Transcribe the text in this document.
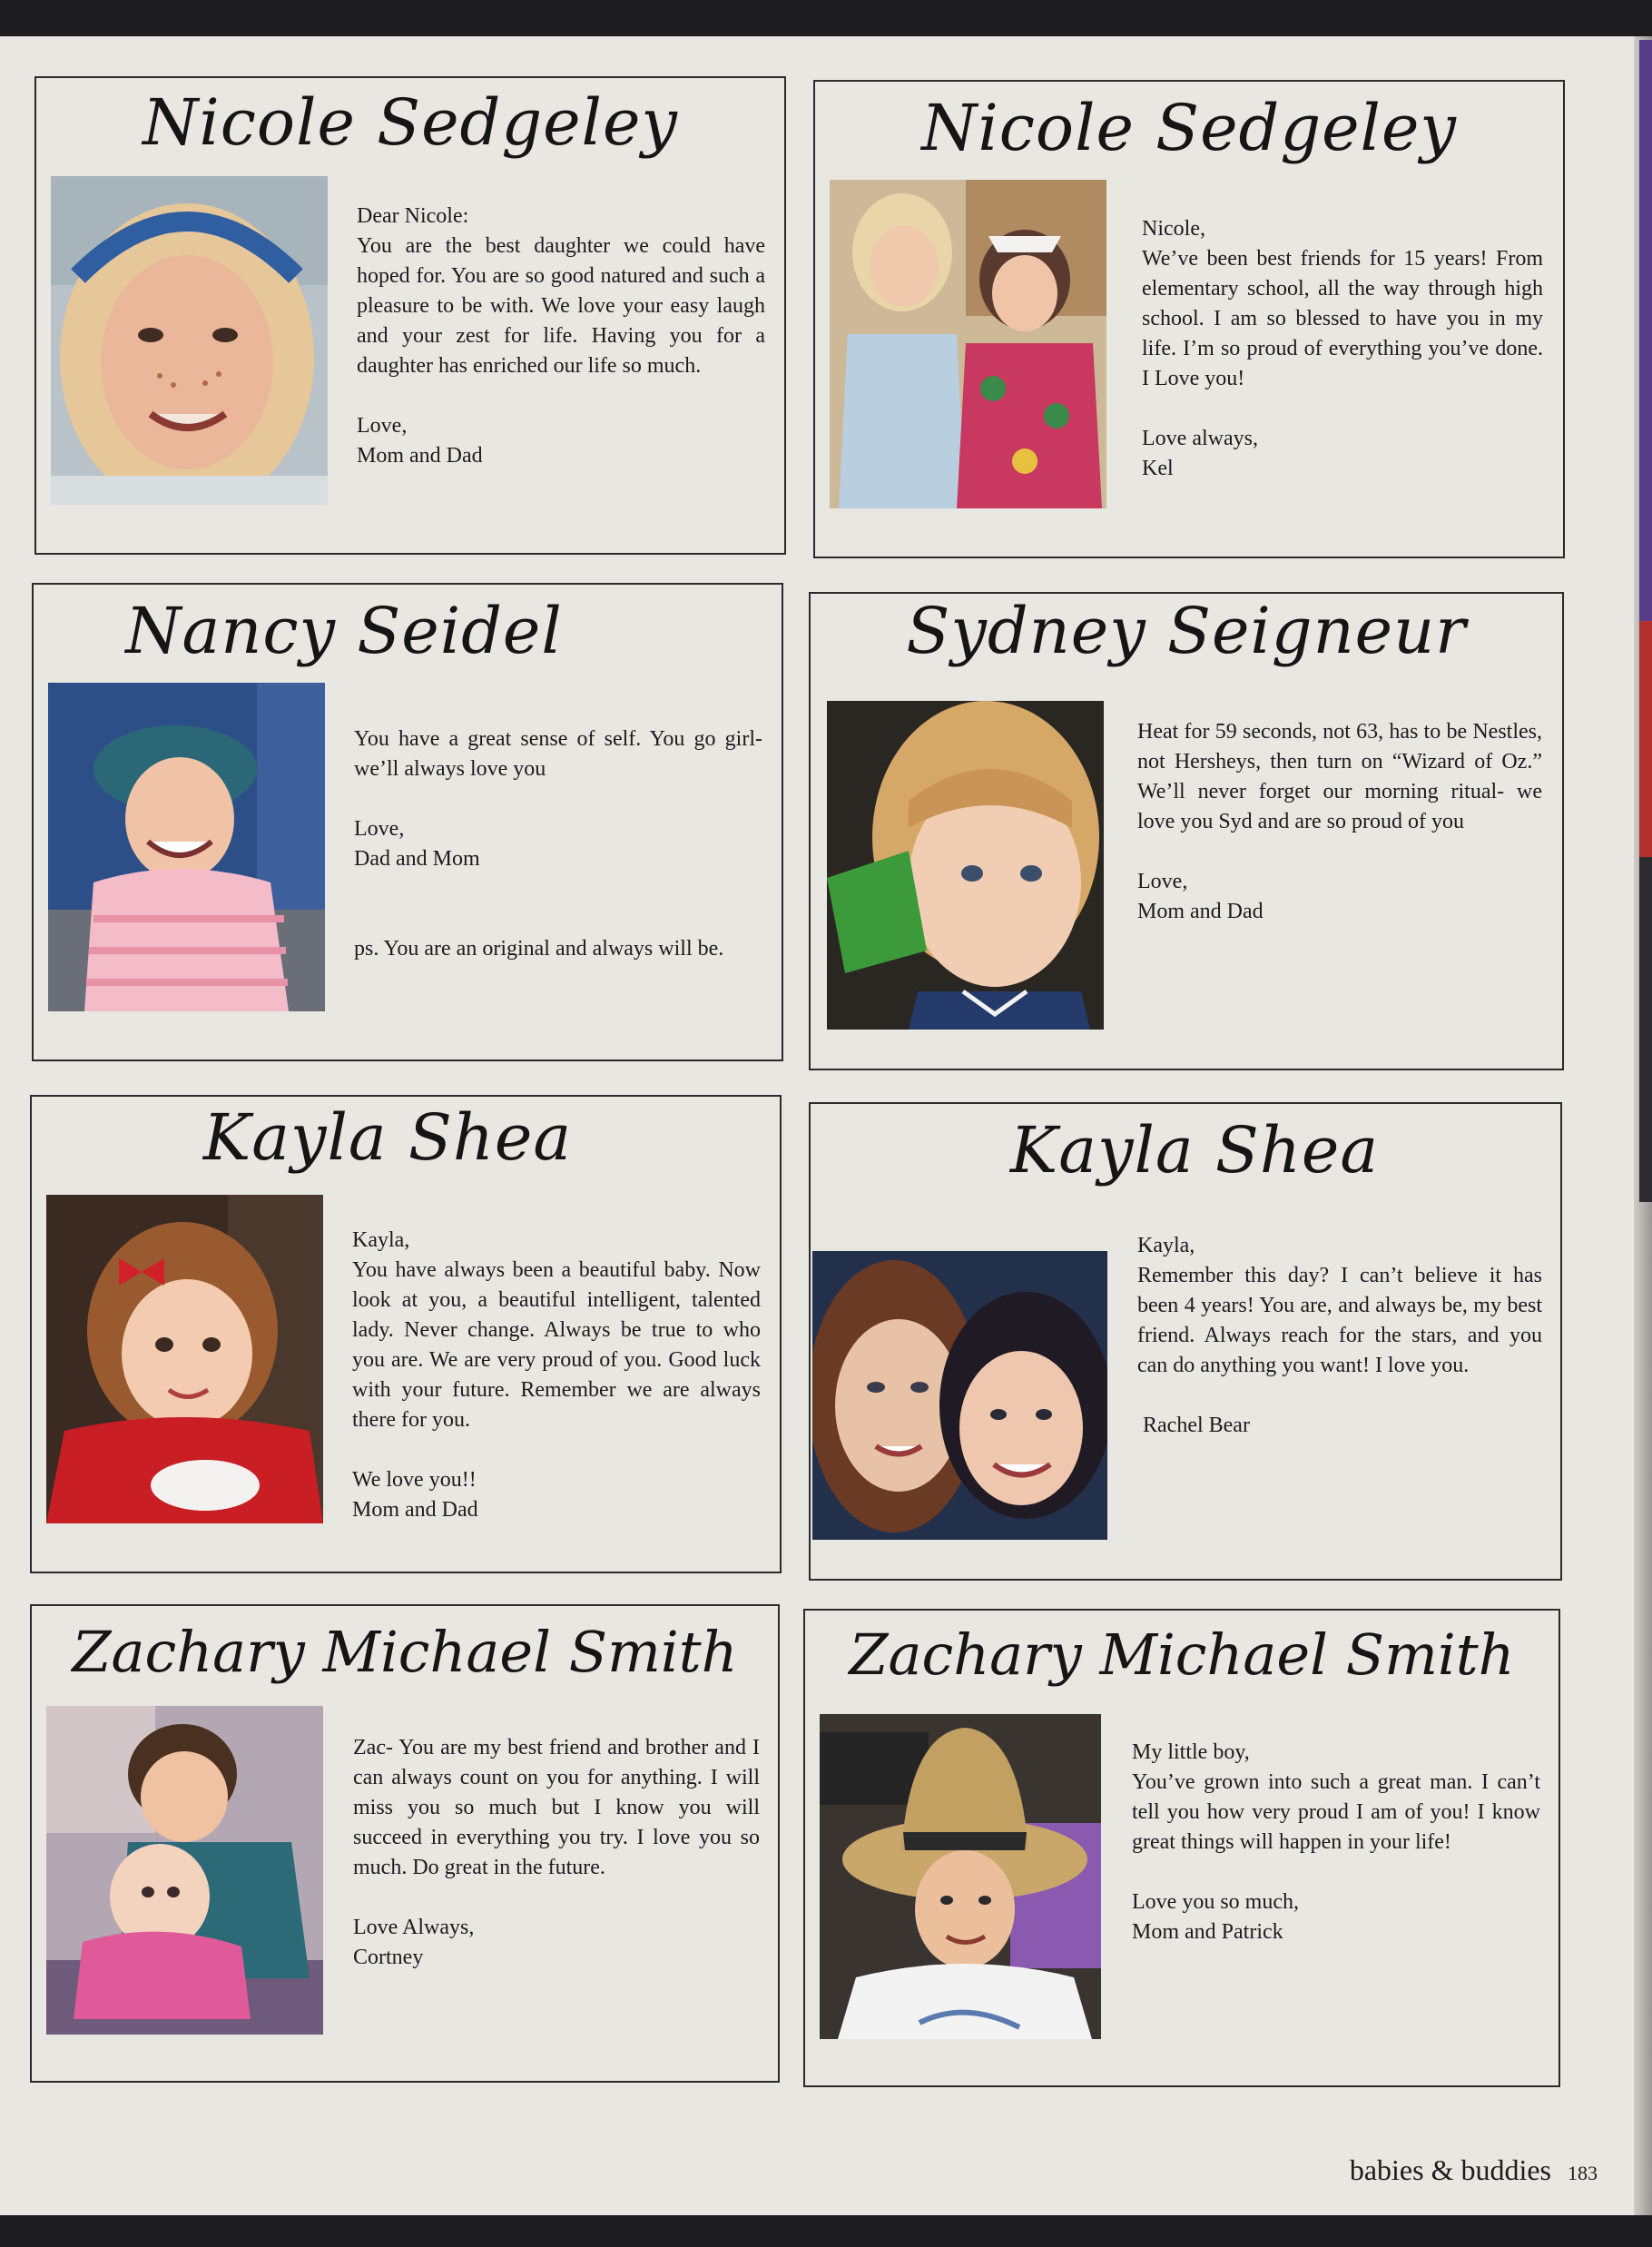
Nicole Sedgeley

Dear Nicole:

You are the best daughter we could have hoped for. You are so good natured and such a pleasure to be with. We love your easy laugh and your zest for life. Having you for a daughter has enriched our life so much.

Love,

Mom and Dad

Nicole Sedgeley

Nicole,

We’ve been best friends for 15 years! From elementary school, all the way through high school. I am so blessed to have you in my life. I’m so proud of everything you’ve done. I Love you!

Love always,

Kel

Nancy Seidel

You have a great sense of self. You go girl- we’ll always love you

Love,

Dad and Mom

ps. You are an original and always will be.

Sydney Seigneur

Heat for 59 seconds, not 63, has to be Nestles, not Hersheys, then turn on “Wizard of Oz.” We’ll never forget our morning ritual- we love you Syd and are so proud of you

Love,

Mom and Dad

Kayla Shea

Kayla,

You have always been a beautiful baby. Now look at you, a beautiful intelligent, talented lady. Never change. Always be true to who you are. We are very proud of you. Good luck with your future. Remember we are always there for you.

We love you!!

Mom and Dad

Kayla Shea

Kayla,

Remember this day? I can’t believe it has been 4 years! You are, and always be, my best friend. Always reach for the stars, and you can do anything you want! I love you.

Rachel Bear

Zachary Michael Smith

Zac- You are my best friend and brother and I can always count on you for anything. I will miss you so much but I know you will succeed in everything you try. I love you so much. Do great in the future.

Love Always,

Cortney

Zachary Michael Smith

My little boy,

You’ve grown into such a great man. I can’t tell you how very proud I am of you! I know great things will happen in your life!

Love you so much,

Mom and Patrick

babies & buddies 183
